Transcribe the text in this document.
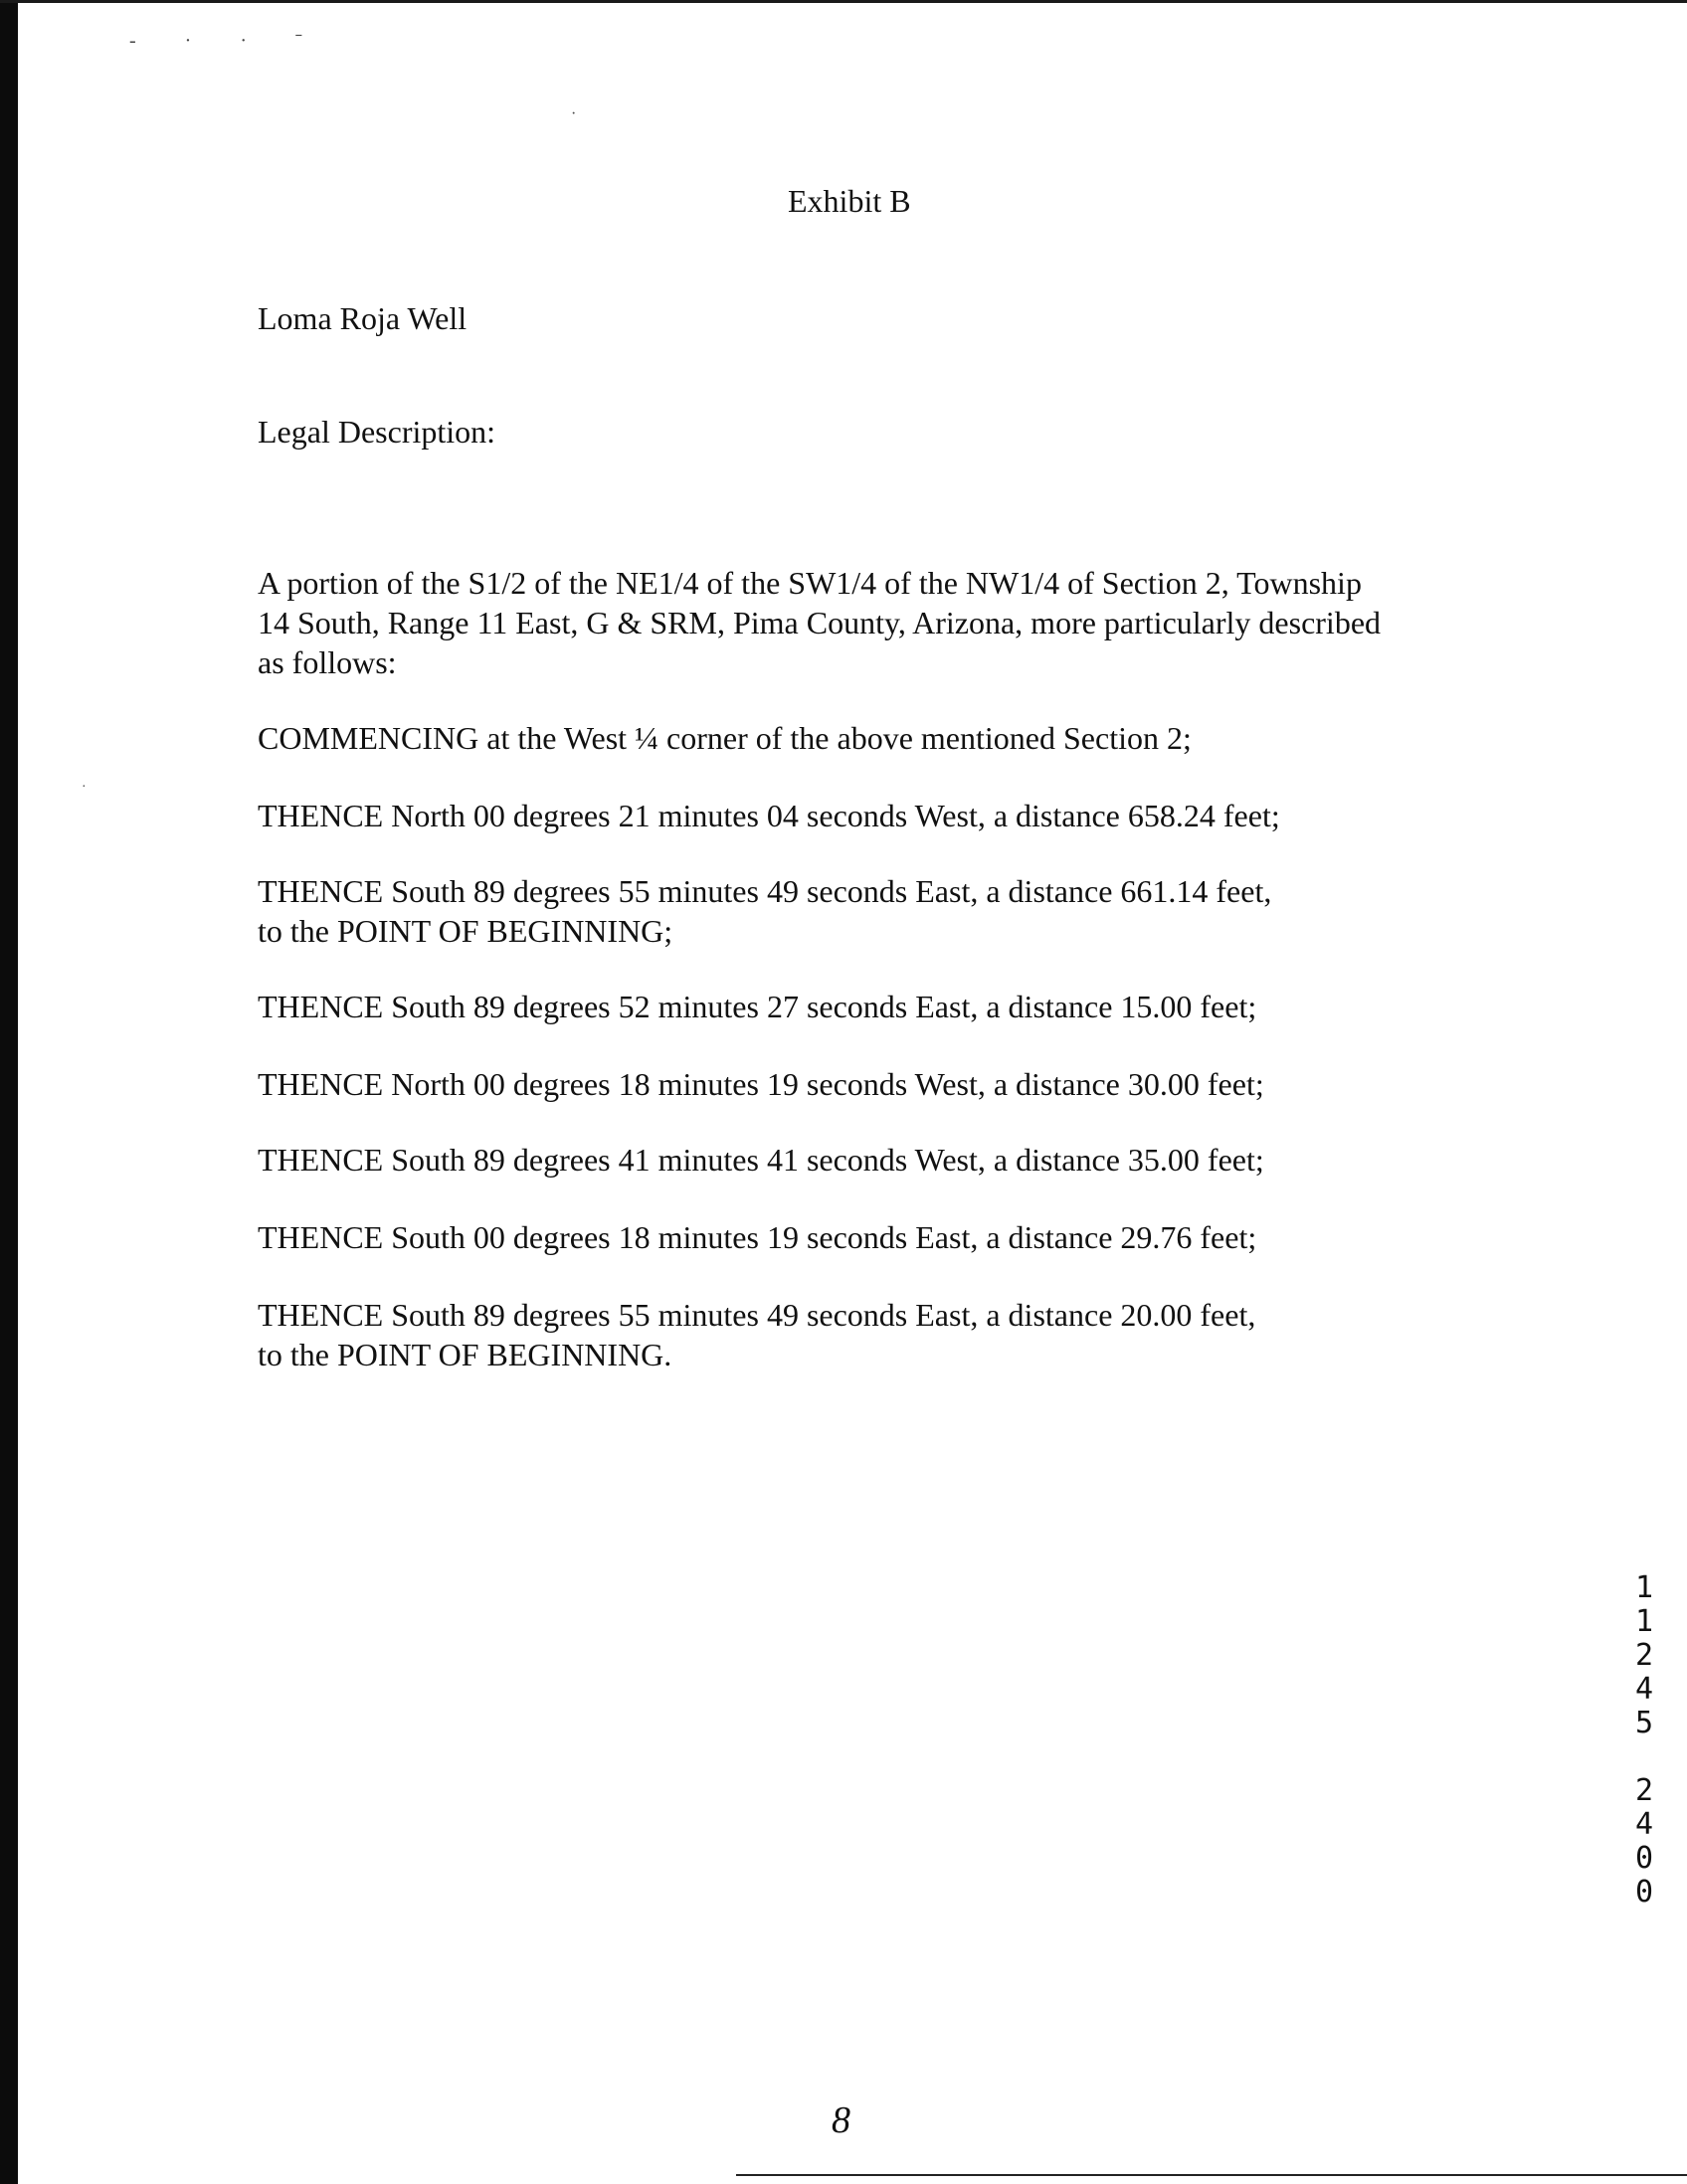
- · · ˉ
·
·
Exhibit B
Loma Roja Well
Legal Description:
A portion of the S1/2 of the NE1/4 of the SW1/4 of the NW1/4 of Section 2, Township
14 South, Range 11 East, G & SRM, Pima County, Arizona, more particularly described
as follows:
COMMENCING at the West ¼ corner of the above mentioned Section 2;
THENCE North 00 degrees 21 minutes 04 seconds West, a distance 658.24 feet;
THENCE South 89 degrees 55 minutes 49 seconds East, a distance 661.14 feet,
to the POINT OF BEGINNING;
THENCE South 89 degrees 52 minutes 27 seconds East, a distance 15.00 feet;
THENCE North 00 degrees 18 minutes 19 seconds West, a distance 30.00 feet;
THENCE South 89 degrees 41 minutes 41 seconds West, a distance 35.00 feet;
THENCE South 00 degrees 18 minutes 19 seconds East, a distance 29.76 feet;
THENCE South 89 degrees 55 minutes 49 seconds East, a distance 20.00 feet,
to the POINT OF BEGINNING.
1
1
2
4
5
2
4
0
0
8
